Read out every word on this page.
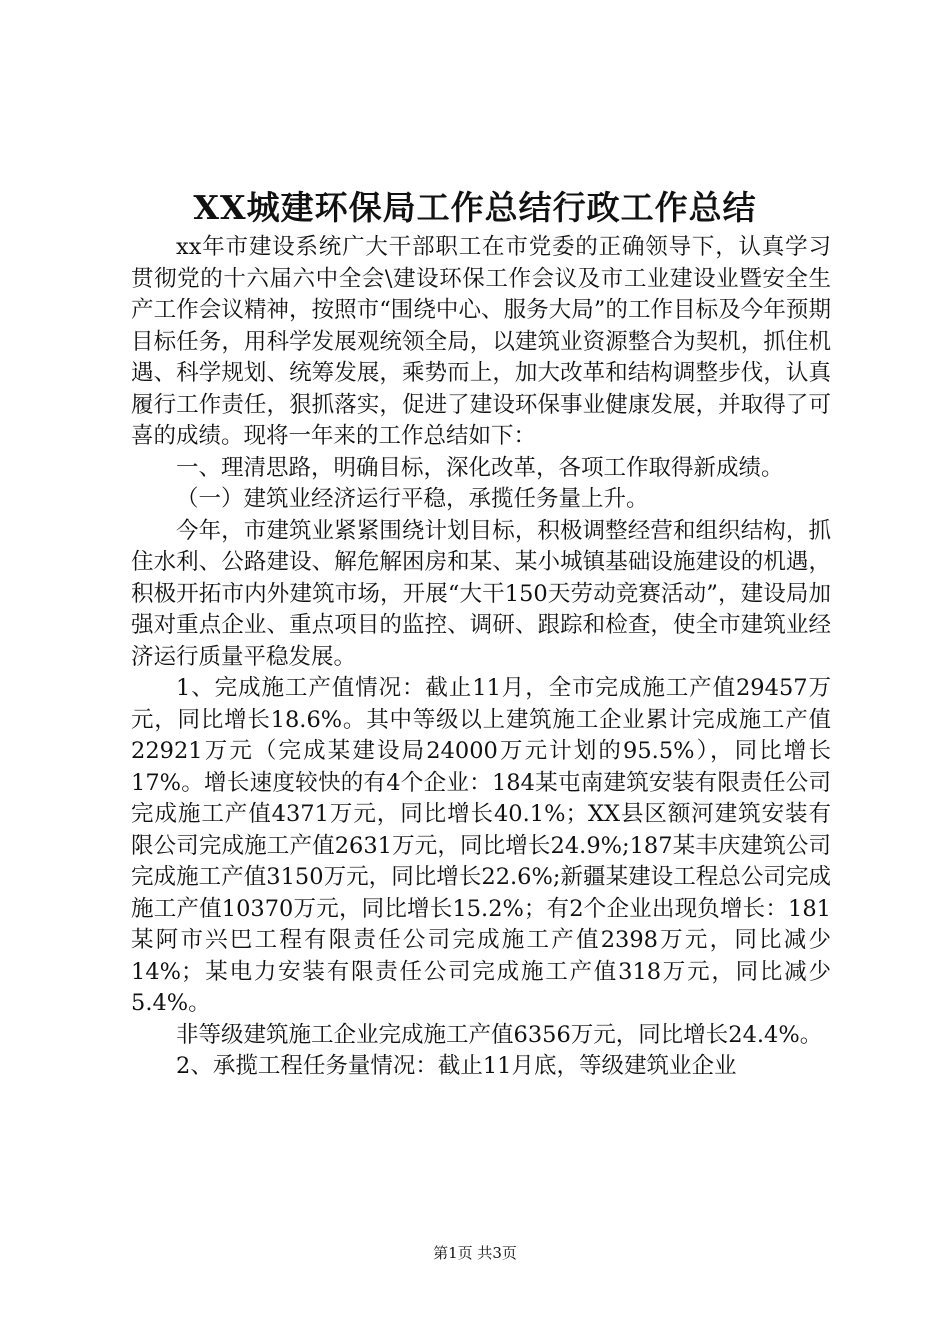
XX城建环保局工作总结行政工作总结

xx年市建设系统广大干部职工在市党委的正确领导下，认真学习贯彻党的十六届六中全会\建设环保工作会议及市工业建设业暨安全生产工作会议精神，按照市“围绕中心、服务大局”的工作目标及今年预期目标任务，用科学发展观统领全局，以建筑业资源整合为契机，抓住机遇、科学规划、统筹发展，乘势而上，加大改革和结构调整步伐，认真履行工作责任，狠抓落实，促进了建设环保事业健康发展，并取得了可喜的成绩。现将一年来的工作总结如下：

一、理清思路，明确目标，深化改革，各项工作取得新成绩。

（一）建筑业经济运行平稳，承揽任务量上升。

今年，市建筑业紧紧围绕计划目标，积极调整经营和组织结构，抓住水利、公路建设、解危解困房和某、某小城镇基础设施建设的机遇，积极开拓市内外建筑市场，开展“大干150天劳动竞赛活动”，建设局加强对重点企业、重点项目的监控、调研、跟踪和检查，使全市建筑业经济运行质量平稳发展。

1、完成施工产值情况：截止11月，全市完成施工产值29457万元，同比增长18.6%。其中等级以上建筑施工企业累计完成施工产值22921万元（完成某建设局24000万元计划的95.5%），同比增长17%。增长速度较快的有4个企业：184某屯南建筑安装有限责任公司完成施工产值4371万元，同比增长40.1%；XX县区额河建筑安装有限公司完成施工产值2631万元，同比增长24.9%;187某丰庆建筑公司完成施工产值3150万元，同比增长22.6%;新疆某建设工程总公司完成施工产值10370万元，同比增长15.2%；有2个企业出现负增长：181某阿市兴巴工程有限责任公司完成施工产值2398万元，同比减少14%；某电力安装有限责任公司完成施工产值318万元，同比减少5.4%。

非等级建筑施工企业完成施工产值6356万元，同比增长24.4%。

2、承揽工程任务量情况：截止11月底，等级建筑业企业

第1页 共3页
